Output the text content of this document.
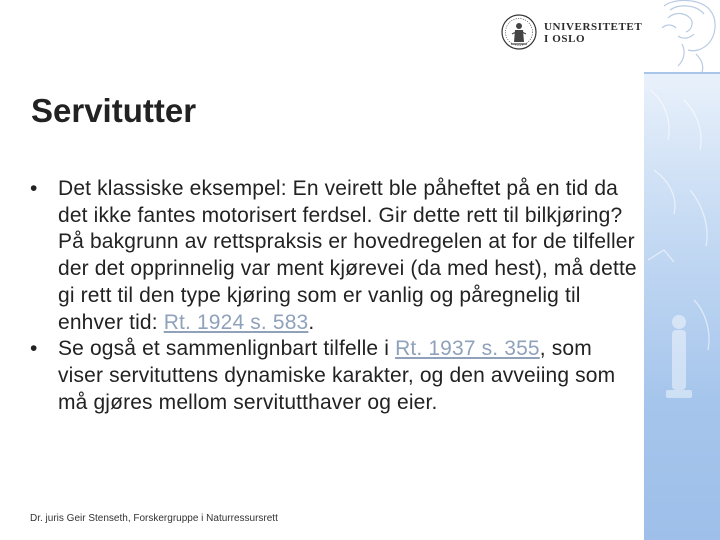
UNIVERSITETET
I OSLO
Servitutter
• Det klassiske eksempel: En veirett ble påheftet på en tid da det ikke fantes motorisert ferdsel. Gir dette rett til bilkjøring? På bakgrunn av rettspraksis er hovedregelen at for de tilfeller der det opprinnelig var ment kjørevei (da med hest), må dette gi rett til den type kjøring som er vanlig og påregnelig til enhver tid: Rt. 1924 s. 583.
• Se også et sammenlignbart tilfelle i Rt. 1937 s. 355, som viser servituttens dynamiske karakter, og den avveiing som må gjøres mellom servitutthaver og eier.
Dr. juris Geir Stenseth, Forskergruppe i Naturressursrett
